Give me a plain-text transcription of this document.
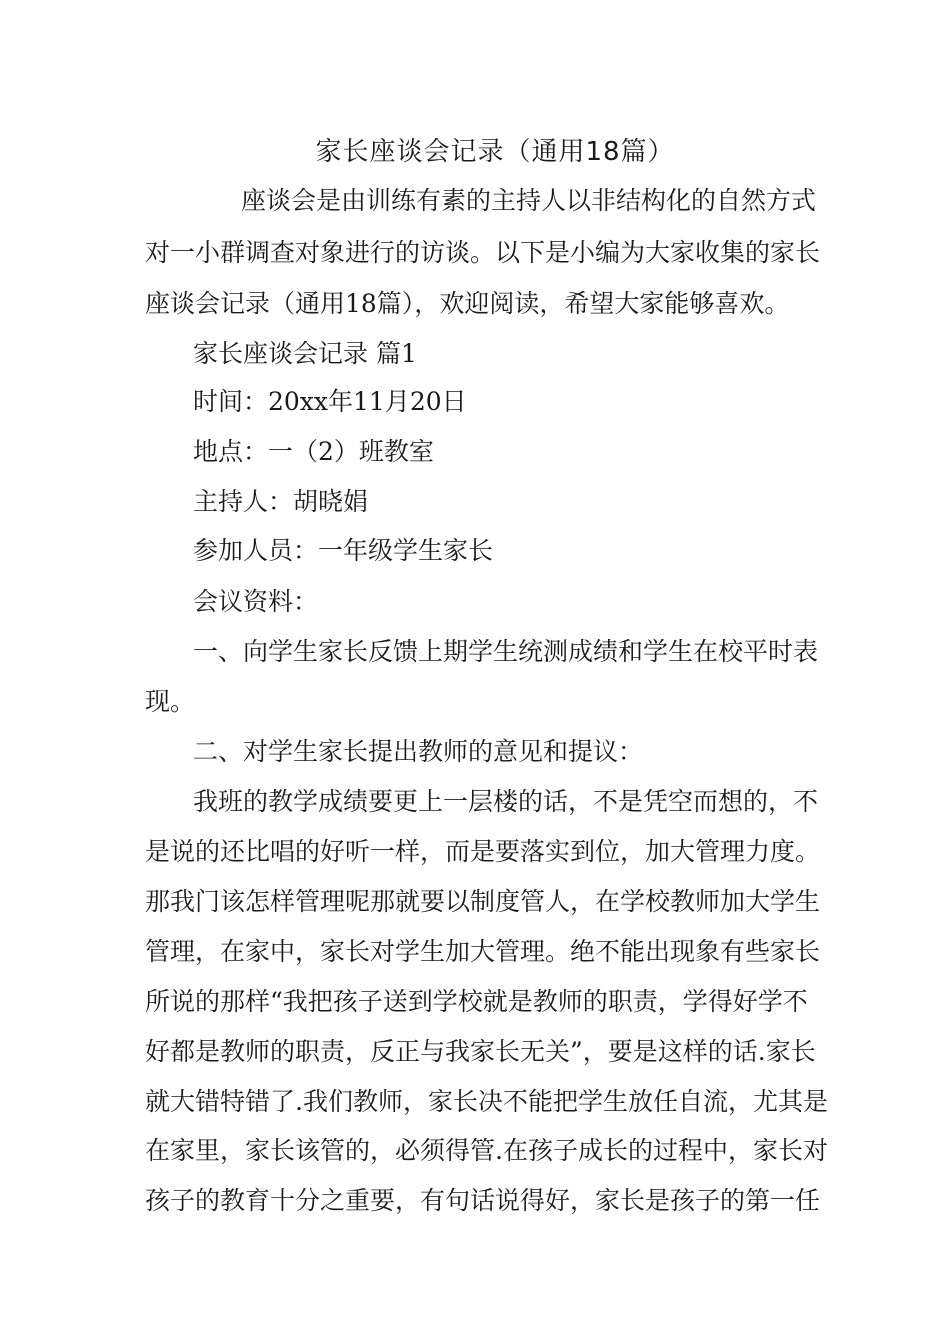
家长座谈会记录（通用18篇）
座谈会是由训练有素的主持人以非结构化的自然方式
对一小群调查对象进行的访谈。以下是小编为大家收集的家长
座谈会记录（通用18篇），欢迎阅读，希望大家能够喜欢。
家长座谈会记录 篇1
时间：20xx年11月20日
地点：一（2）班教室
主持人：胡晓娟
参加人员：一年级学生家长
会议资料：
一、向学生家长反馈上期学生统测成绩和学生在校平时表
现。
二、对学生家长提出教师的意见和提议：
我班的教学成绩要更上一层楼的话，不是凭空而想的，不
是说的还比唱的好听一样，而是要落实到位，加大管理力度。
那我门该怎样管理呢那就要以制度管人，在学校教师加大学生
管理，在家中，家长对学生加大管理。绝不能出现象有些家长
所说的那样“我把孩子送到学校就是教师的职责，学得好学不
好都是教师的职责，反正与我家长无关”，要是这样的话.家长
就大错特错了.我们教师，家长决不能把学生放任自流，尤其是
在家里，家长该管的，必须得管.在孩子成长的过程中，家长对
孩子的教育十分之重要，有句话说得好，家长是孩子的第一任
